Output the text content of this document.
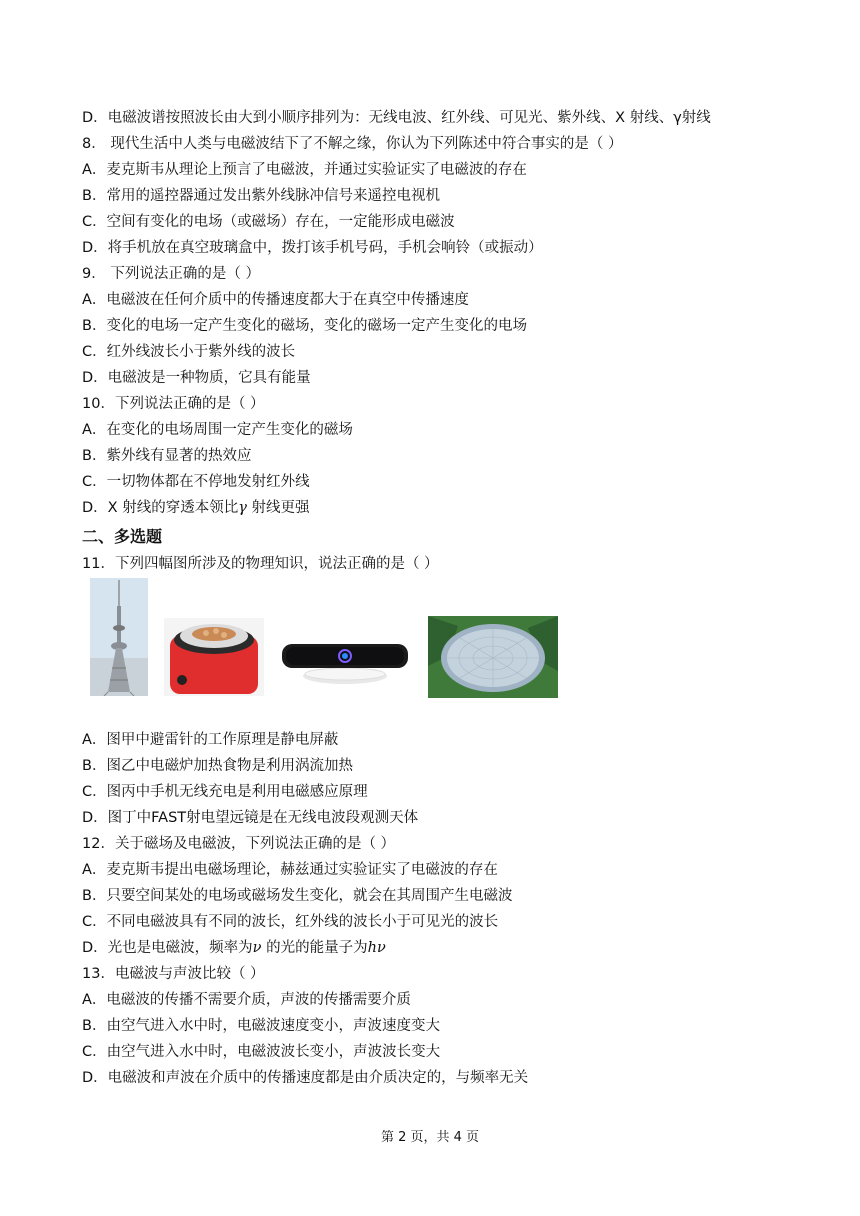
D．电磁波谱按照波长由大到小顺序排列为：无线电波、红外线、可见光、紫外线、X 射线、γ射线
8． 现代生活中人类与电磁波结下了不解之缘，你认为下列陈述中符合事实的是（ ）
A．麦克斯韦从理论上预言了电磁波，并通过实验证实了电磁波的存在
B．常用的遥控器通过发出紫外线脉冲信号来遥控电视机
C．空间有变化的电场（或磁场）存在，一定能形成电磁波
D．将手机放在真空玻璃盒中，拨打该手机号码，手机会响铃（或振动）
9． 下列说法正确的是（ ）
A．电磁波在任何介质中的传播速度都大于在真空中传播速度
B．变化的电场一定产生变化的磁场，变化的磁场一定产生变化的电场
C．红外线波长小于紫外线的波长
D．电磁波是一种物质，它具有能量
10．下列说法正确的是（ ）
A．在变化的电场周围一定产生变化的磁场
B．紫外线有显著的热效应
C．一切物体都在不停地发射红外线
D．X 射线的穿透本领比γ 射线更强
二、多选题
11．下列四幅图所涉及的物理知识，说法正确的是（ ）
A．图甲中避雷针的工作原理是静电屏蔽
B．图乙中电磁炉加热食物是利用涡流加热
C．图丙中手机无线充电是利用电磁感应原理
D．图丁中FAST射电望远镜是在无线电波段观测天体
12．关于磁场及电磁波，下列说法正确的是（ ）
A．麦克斯韦提出电磁场理论，赫兹通过实验证实了电磁波的存在
B．只要空间某处的电场或磁场发生变化，就会在其周围产生电磁波
C．不同电磁波具有不同的波长，红外线的波长小于可见光的波长
D．光也是电磁波，频率为ν 的光的能量子为hν
13．电磁波与声波比较（ ）
A．电磁波的传播不需要介质，声波的传播需要介质
B．由空气进入水中时，电磁波速度变小，声波速度变大
C．由空气进入水中时，电磁波波长变小，声波波长变大
D．电磁波和声波在介质中的传播速度都是由介质决定的，与频率无关
第 2 页，共 4 页
